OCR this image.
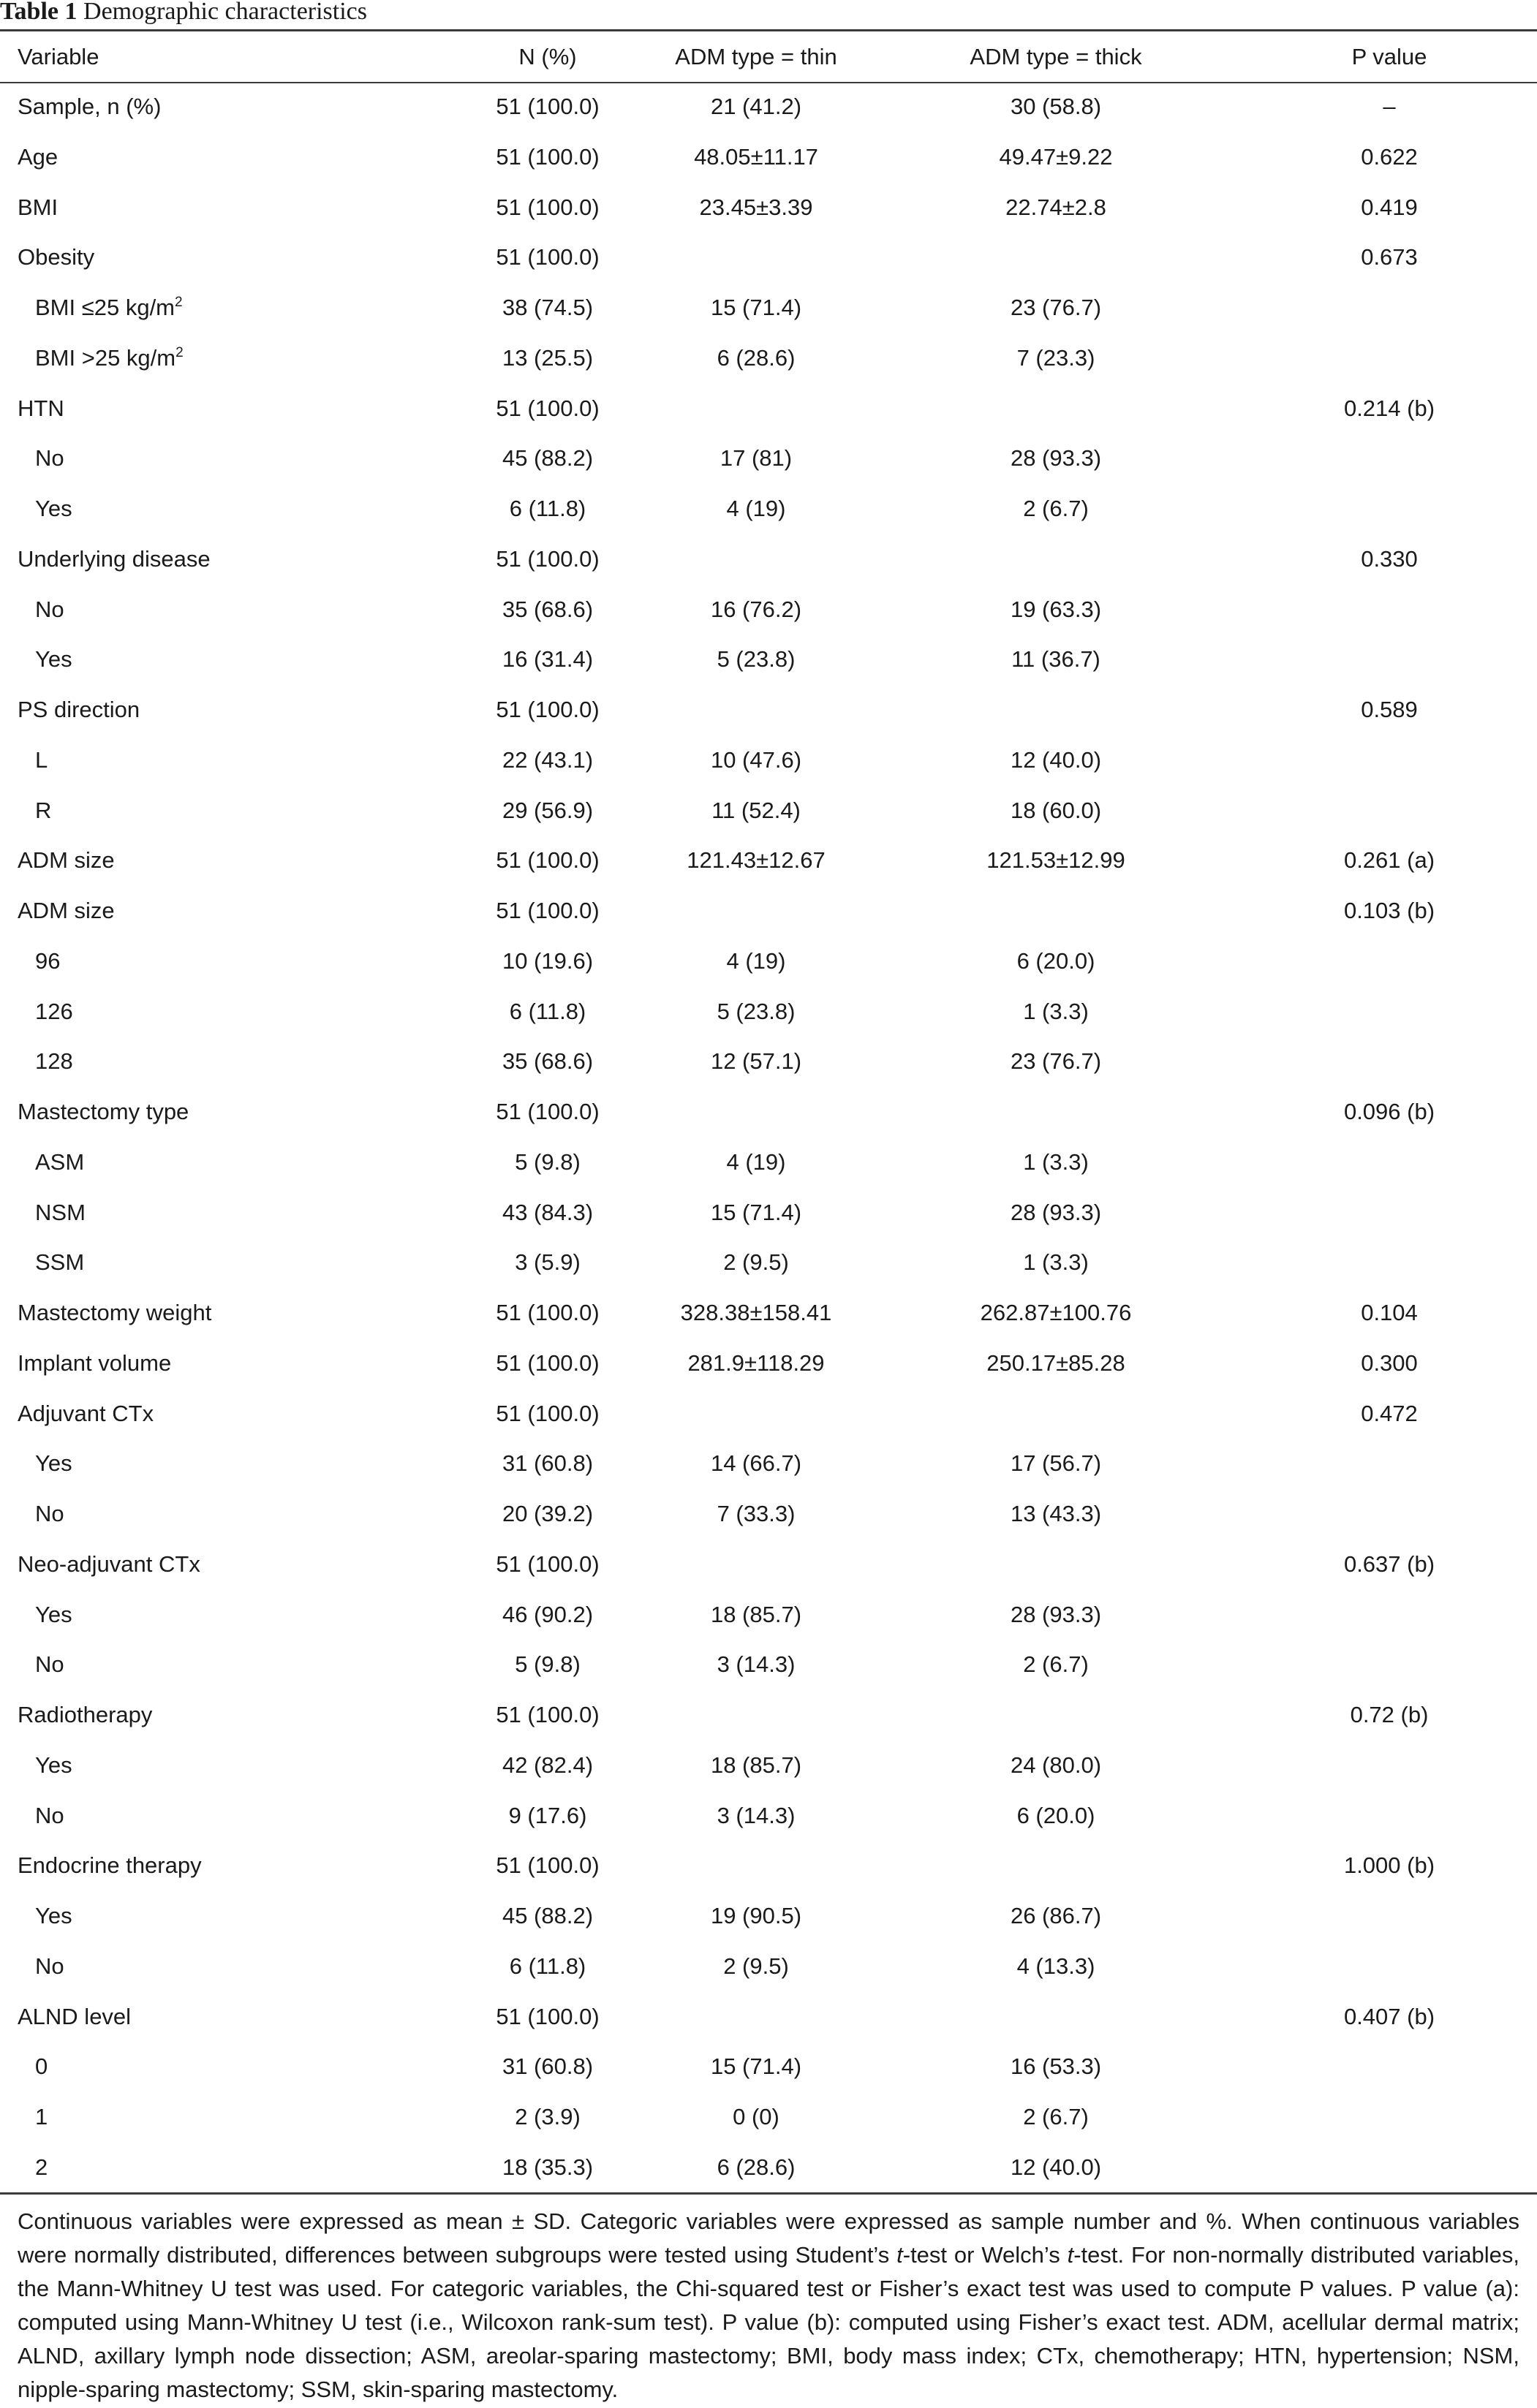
Table 1 Demographic characteristics
Variable	N (%)	ADM type = thin	ADM type = thick	P value
Sample, n (%)	51 (100.0)	21 (41.2)	30 (58.8)	–
Age	51 (100.0)	48.05±11.17	49.47±9.22	0.622
BMI	51 (100.0)	23.45±3.39	22.74±2.8	0.419
Obesity	51 (100.0)			0.673
BMI ≤25 $kg/m^2$	38 (74.5)	15 (71.4)	23 (76.7)	
BMI >25 $kg/m^2$	13 (25.5)	6 (28.6)	7 (23.3)	
HTN	51 (100.0)			0.214 (b)
No	45 (88.2)	17 (81)	28 (93.3)	
Yes	6 (11.8)	4 (19)	2 (6.7)	
Underlying disease	51 (100.0)			0.330
No	35 (68.6)	16 (76.2)	19 (63.3)	
Yes	16 (31.4)	5 (23.8)	11 (36.7)	
PS direction	51 (100.0)			0.589
L	22 (43.1)	10 (47.6)	12 (40.0)	
R	29 (56.9)	11 (52.4)	18 (60.0)	
ADM size	51 (100.0)	121.43±12.67	121.53±12.99	0.261 (a)
ADM size	51 (100.0)			0.103 (b)
96	10 (19.6)	4 (19)	6 (20.0)	
126	6 (11.8)	5 (23.8)	1 (3.3)	
128	35 (68.6)	12 (57.1)	23 (76.7)	
Mastectomy type	51 (100.0)			0.096 (b)
ASM	5 (9.8)	4 (19)	1 (3.3)	
NSM	43 (84.3)	15 (71.4)	28 (93.3)	
SSM	3 (5.9)	2 (9.5)	1 (3.3)	
Mastectomy weight	51 (100.0)	328.38±158.41	262.87±100.76	0.104
Implant volume	51 (100.0)	281.9±118.29	250.17±85.28	0.300
Adjuvant CTx	51 (100.0)			0.472
Yes	31 (60.8)	14 (66.7)	17 (56.7)	
No	20 (39.2)	7 (33.3)	13 (43.3)	
Neo-adjuvant CTx	51 (100.0)			0.637 (b)
Yes	46 (90.2)	18 (85.7)	28 (93.3)	
No	5 (9.8)	3 (14.3)	2 (6.7)	
Radiotherapy	51 (100.0)			0.72 (b)
Yes	42 (82.4)	18 (85.7)	24 (80.0)	
No	9 (17.6)	3 (14.3)	6 (20.0)	
Endocrine therapy	51 (100.0)			1.000 (b)
Yes	45 (88.2)	19 (90.5)	26 (86.7)	
No	6 (11.8)	2 (9.5)	4 (13.3)	
ALND level	51 (100.0)			0.407 (b)
0	31 (60.8)	15 (71.4)	16 (53.3)	
1	2 (3.9)	0 (0)	2 (6.7)	
2	18 (35.3)	6 (28.6)	12 (40.0)	
Continuous variables were expressed as mean ± SD. Categoric variables were expressed as sample number and %. When continuous variables were normally distributed, differences between subgroups were tested using Student’s t-test or Welch’s t-test. For non-normally distributed variables, the Mann-Whitney U test was used. For categoric variables, the Chi-squared test or Fisher’s exact test was used to compute P values. P value (a): computed using Mann-Whitney U test (i.e., Wilcoxon rank-sum test). P value (b): computed using Fisher’s exact test. ADM, acellular dermal matrix; ALND, axillary lymph node dissection; ASM, areolar-sparing mastectomy; BMI, body mass index; CTx, chemotherapy; HTN, hypertension; NSM, nipple-sparing mastectomy; SSM, skin-sparing mastectomy.
